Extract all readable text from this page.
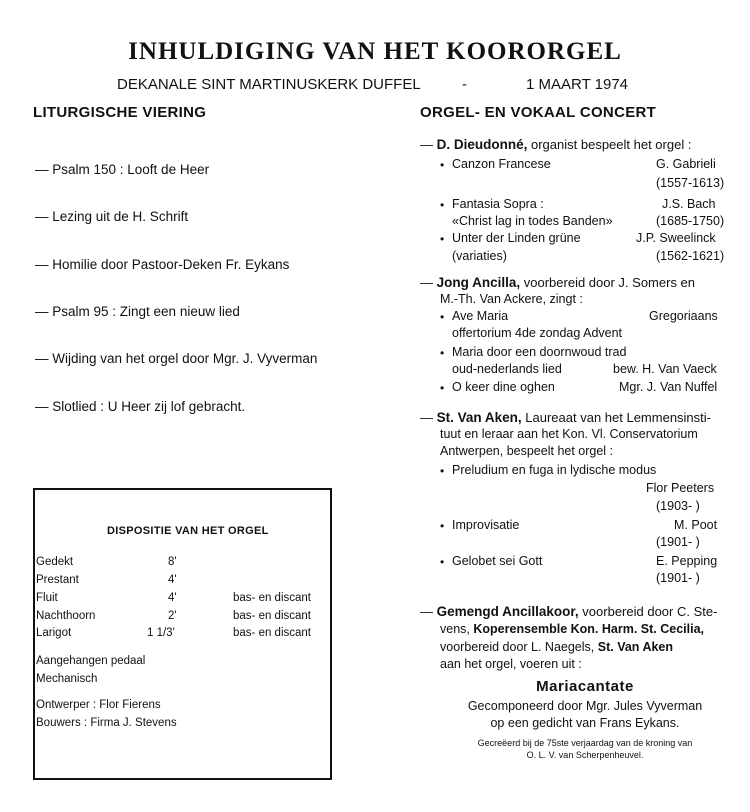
INHULDIGING VAN HET KOORORGEL
DEKANALE SINT MARTINUSKERK DUFFEL	-	1 MAART 1974
LITURGISCHE VIERING
— Psalm 150 : Looft de Heer
— Lezing uit de H. Schrift
— Homilie door Pastoor-Deken Fr. Eykans
— Psalm 95 : Zingt een nieuw lied
— Wijding van het orgel door Mgr. J. Vyverman
— Slotlied : U Heer zij lof gebracht.
DISPOSITIE VAN HET ORGEL
Gedekt	8'
Prestant	4'
Fluit	4'	bas- en discant
Nachthoorn	2'	bas- en discant
Larigot	1 1/3'	bas- en discant
Aangehangen pedaal
Mechanisch
Ontwerper : Flor Fierens
Bouwers : Firma J. Stevens
ORGEL- EN VOKAAL CONCERT
— D. Dieudonné, organist bespeelt het orgel :
• Canzon Francese	G. Gabrieli
(1557-1613)
• Fantasia Sopra :
«Christ lag in todes Banden»
J.S. Bach
(1685-1750)
• Unter der Linden grüne
(variaties)
J.P. Sweelinck
(1562-1621)
— Jong Ancilla, voorbereid door J. Somers en
M.-Th. Van Ackere, zingt :
• Ave Maria
offertorium 4de zondag Advent
Gregoriaans
• Maria door een doornwoud trad
oud-nederlands lied	bew. H. Van Vaeck
• O keer dine oghen	Mgr. J. Van Nuffel
— St. Van Aken, Laureaat van het Lemmensinsti-
tuut en leraar aan het Kon. Vl. Conservatorium
Antwerpen, bespeelt het orgel :
• Preludium en fuga in lydische modus
Flor Peeters
(1903- )
• Improvisatie	M. Poot
(1901- )
• Gelobet sei Gott	E. Pepping
(1901- )
— Gemengd Ancillakoor, voorbereid door C. Ste-
vens, Koperensemble Kon. Harm. St. Cecilia,
voorbereid door L. Naegels, St. Van Aken
aan het orgel, voeren uit :
Mariacantate
Gecomponeerd door Mgr. Jules Vyverman
op een gedicht van Frans Eykans.
Gecreëerd bij de 75ste verjaardag van de kroning van
O. L. V. van Scherpenheuvel.
